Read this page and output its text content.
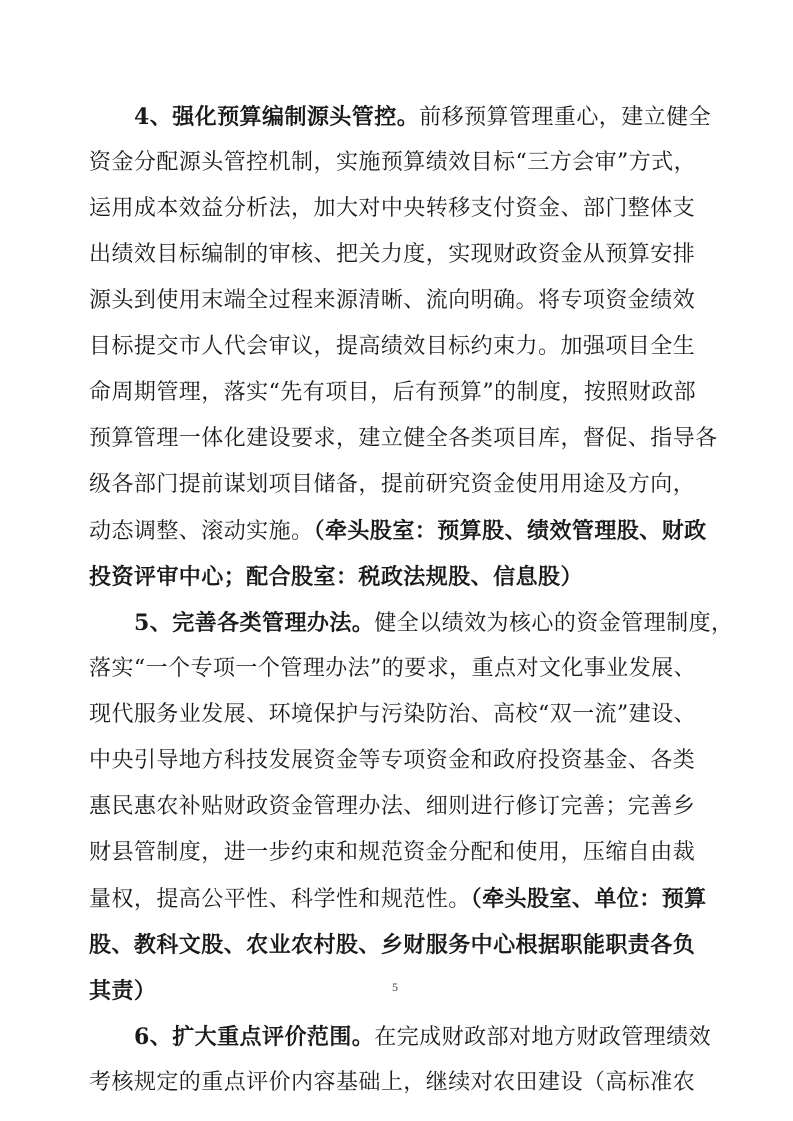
4、强化预算编制源头管控。前移预算管理重心，建立健全
资金分配源头管控机制，实施预算绩效目标“三方会审”方式，
运用成本效益分析法，加大对中央转移支付资金、部门整体支
出绩效目标编制的审核、把关力度，实现财政资金从预算安排
源头到使用末端全过程来源清晰、流向明确。将专项资金绩效
目标提交市人代会审议，提高绩效目标约束力。加强项目全生
命周期管理，落实“先有项目，后有预算”的制度，按照财政部
预算管理一体化建设要求，建立健全各类项目库，督促、指导各
级各部门提前谋划项目储备，提前研究资金使用用途及方向，
动态调整、滚动实施。（牵头股室：预算股、绩效管理股、财政
投资评审中心；配合股室：税政法规股、信息股）
5、完善各类管理办法。健全以绩效为核心的资金管理制度，
落实“一个专项一个管理办法”的要求，重点对文化事业发展、
现代服务业发展、环境保护与污染防治、高校“双一流”建设、
中央引导地方科技发展资金等专项资金和政府投资基金、各类
惠民惠农补贴财政资金管理办法、细则进行修订完善；完善乡
财县管制度，进一步约束和规范资金分配和使用，压缩自由裁
量权，提高公平性、科学性和规范性。（牵头股室、单位：预算
股、教科文股、农业农村股、乡财服务中心根据职能职责各负
其责）
6、扩大重点评价范围。在完成财政部对地方财政管理绩效
考核规定的重点评价内容基础上，继续对农田建设（高标准农
5
